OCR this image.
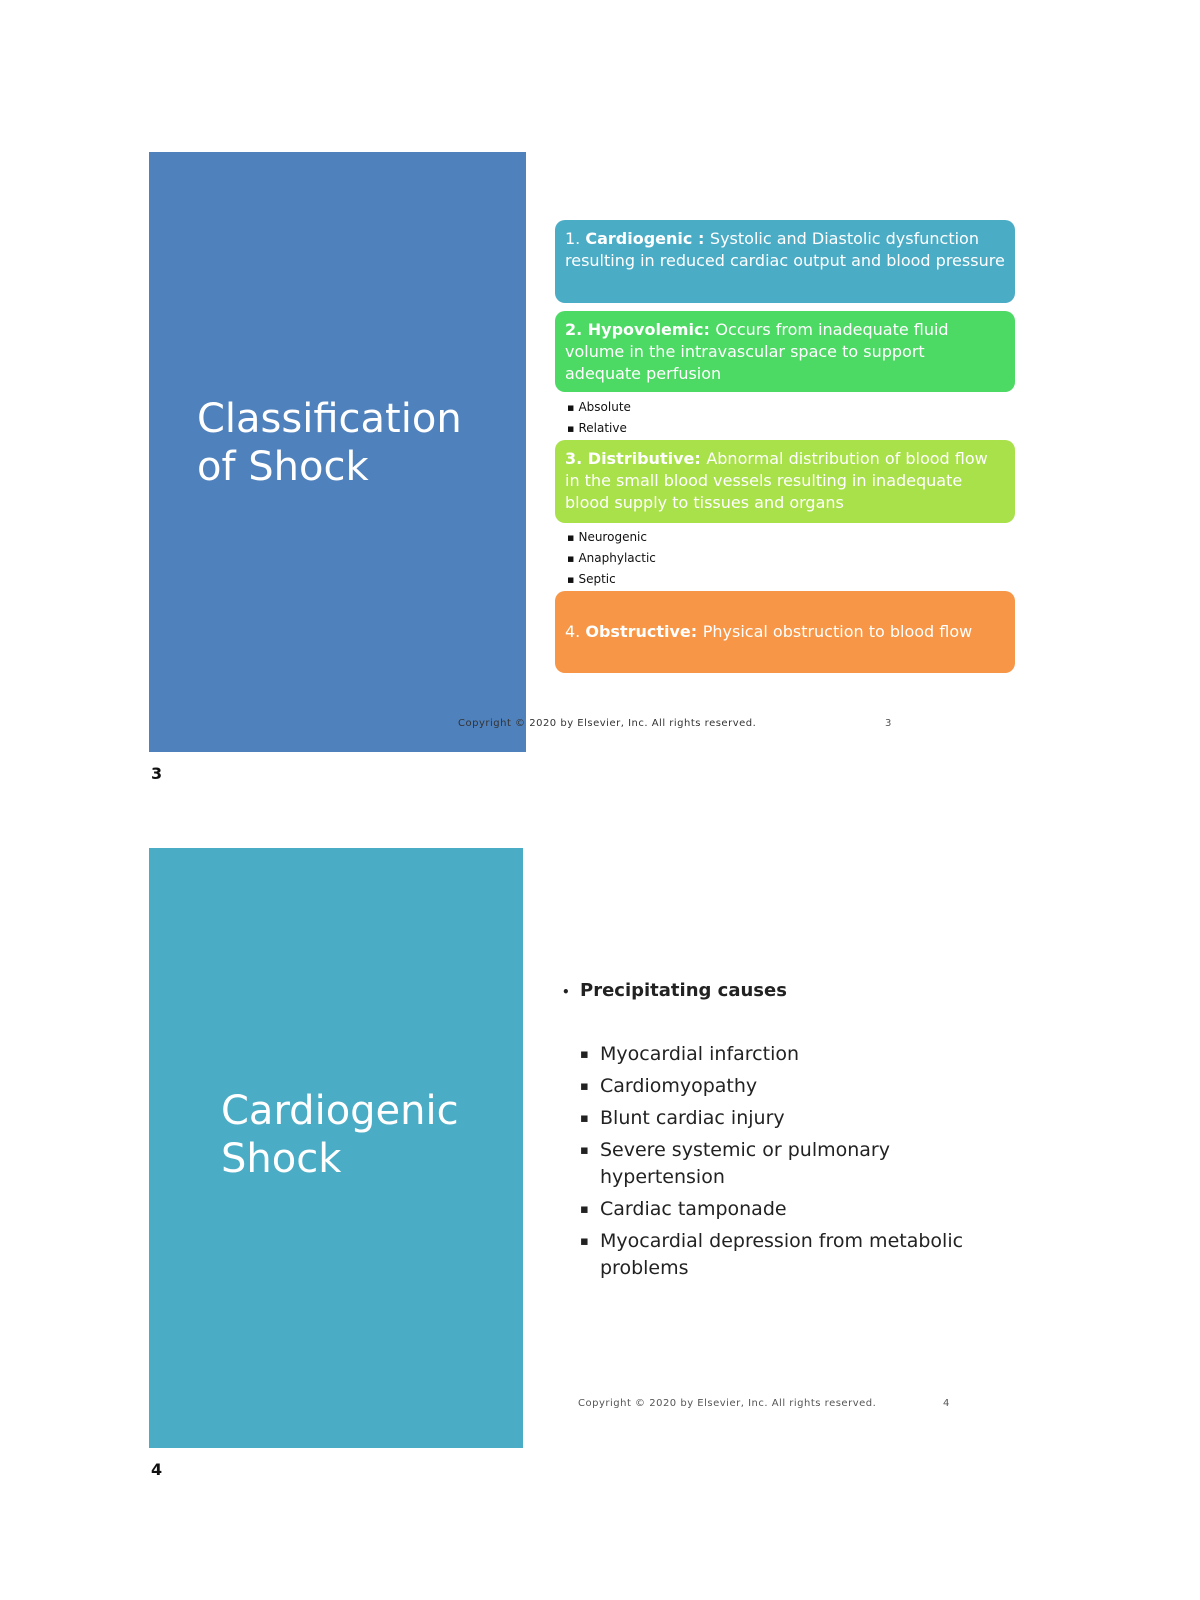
Classification
of Shock
1. Cardiogenic : Systolic and Diastolic dysfunction resulting in reduced cardiac output and blood pressure
2. Hypovolemic: Occurs from inadequate fluid volume in the intravascular space to support adequate perfusion
▪ Absolute
▪ Relative
3. Distributive: Abnormal distribution of blood flow in the small blood vessels resulting in inadequate blood supply to tissues and organs
▪ Neurogenic
▪ Anaphylactic
▪ Septic
4. Obstructive: Physical obstruction to blood flow
Copyright © 2020 by Elsevier, Inc. All rights reserved.	3
3
Cardiogenic
Shock
• Precipitating causes
▪ Myocardial infarction
▪ Cardiomyopathy
▪ Blunt cardiac injury
▪ Severe systemic or pulmonary hypertension
▪ Cardiac tamponade
▪ Myocardial depression from metabolic problems
Copyright © 2020 by Elsevier, Inc. All rights reserved.	4
4
